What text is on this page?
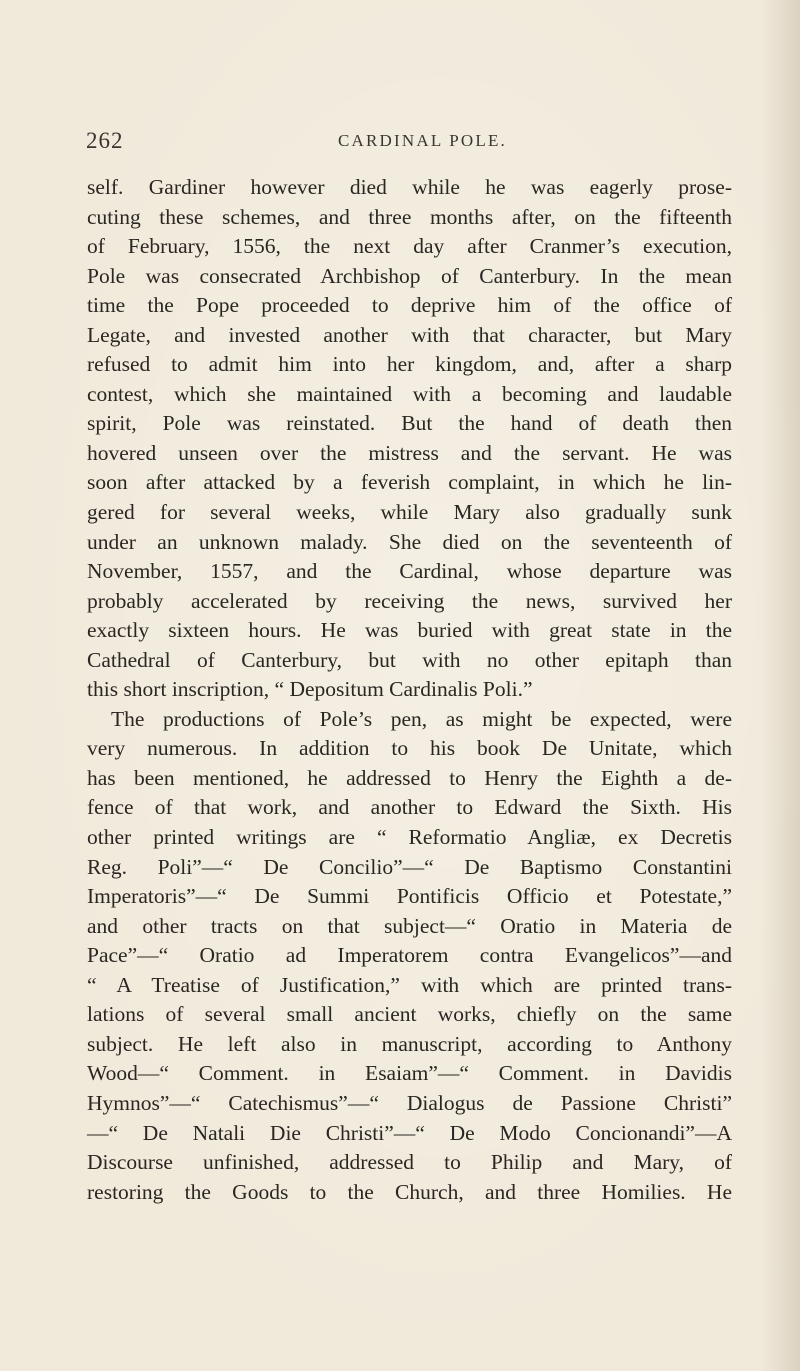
262	CARDINAL POLE.
self. Gardiner however died while he was eagerly prose-
cuting these schemes, and three months after, on the fifteenth
of February, 1556, the next day after Cranmer’s execution,
Pole was consecrated Archbishop of Canterbury. In the mean
time the Pope proceeded to deprive him of the office of
Legate, and invested another with that character, but Mary
refused to admit him into her kingdom, and, after a sharp
contest, which she maintained with a becoming and laudable
spirit, Pole was reinstated. But the hand of death then
hovered unseen over the mistress and the servant. He was
soon after attacked by a feverish complaint, in which he lin-
gered for several weeks, while Mary also gradually sunk
under an unknown malady. She died on the seventeenth of
November, 1557, and the Cardinal, whose departure was
probably accelerated by receiving the news, survived her
exactly sixteen hours. He was buried with great state in the
Cathedral of Canterbury, but with no other epitaph than
this short inscription, “ Depositum Cardinalis Poli.”
The productions of Pole’s pen, as might be expected, were
very numerous. In addition to his book De Unitate, which
has been mentioned, he addressed to Henry the Eighth a de-
fence of that work, and another to Edward the Sixth. His
other printed writings are “ Reformatio Angliæ, ex Decretis
Reg. Poli”—“ De Concilio”—“ De Baptismo Constantini
Imperatoris”—“ De Summi Pontificis Officio et Potestate,”
and other tracts on that subject—“ Oratio in Materia de
Pace”—“ Oratio ad Imperatorem contra Evangelicos”—and
“ A Treatise of Justification,” with which are printed trans-
lations of several small ancient works, chiefly on the same
subject. He left also in manuscript, according to Anthony
Wood—“ Comment. in Esaiam”—“ Comment. in Davidis
Hymnos”—“ Catechismus”—“ Dialogus de Passione Christi”
—“ De Natali Die Christi”—“ De Modo Concionandi”—A
Discourse unfinished, addressed to Philip and Mary, of
restoring the Goods to the Church, and three Homilies. He
